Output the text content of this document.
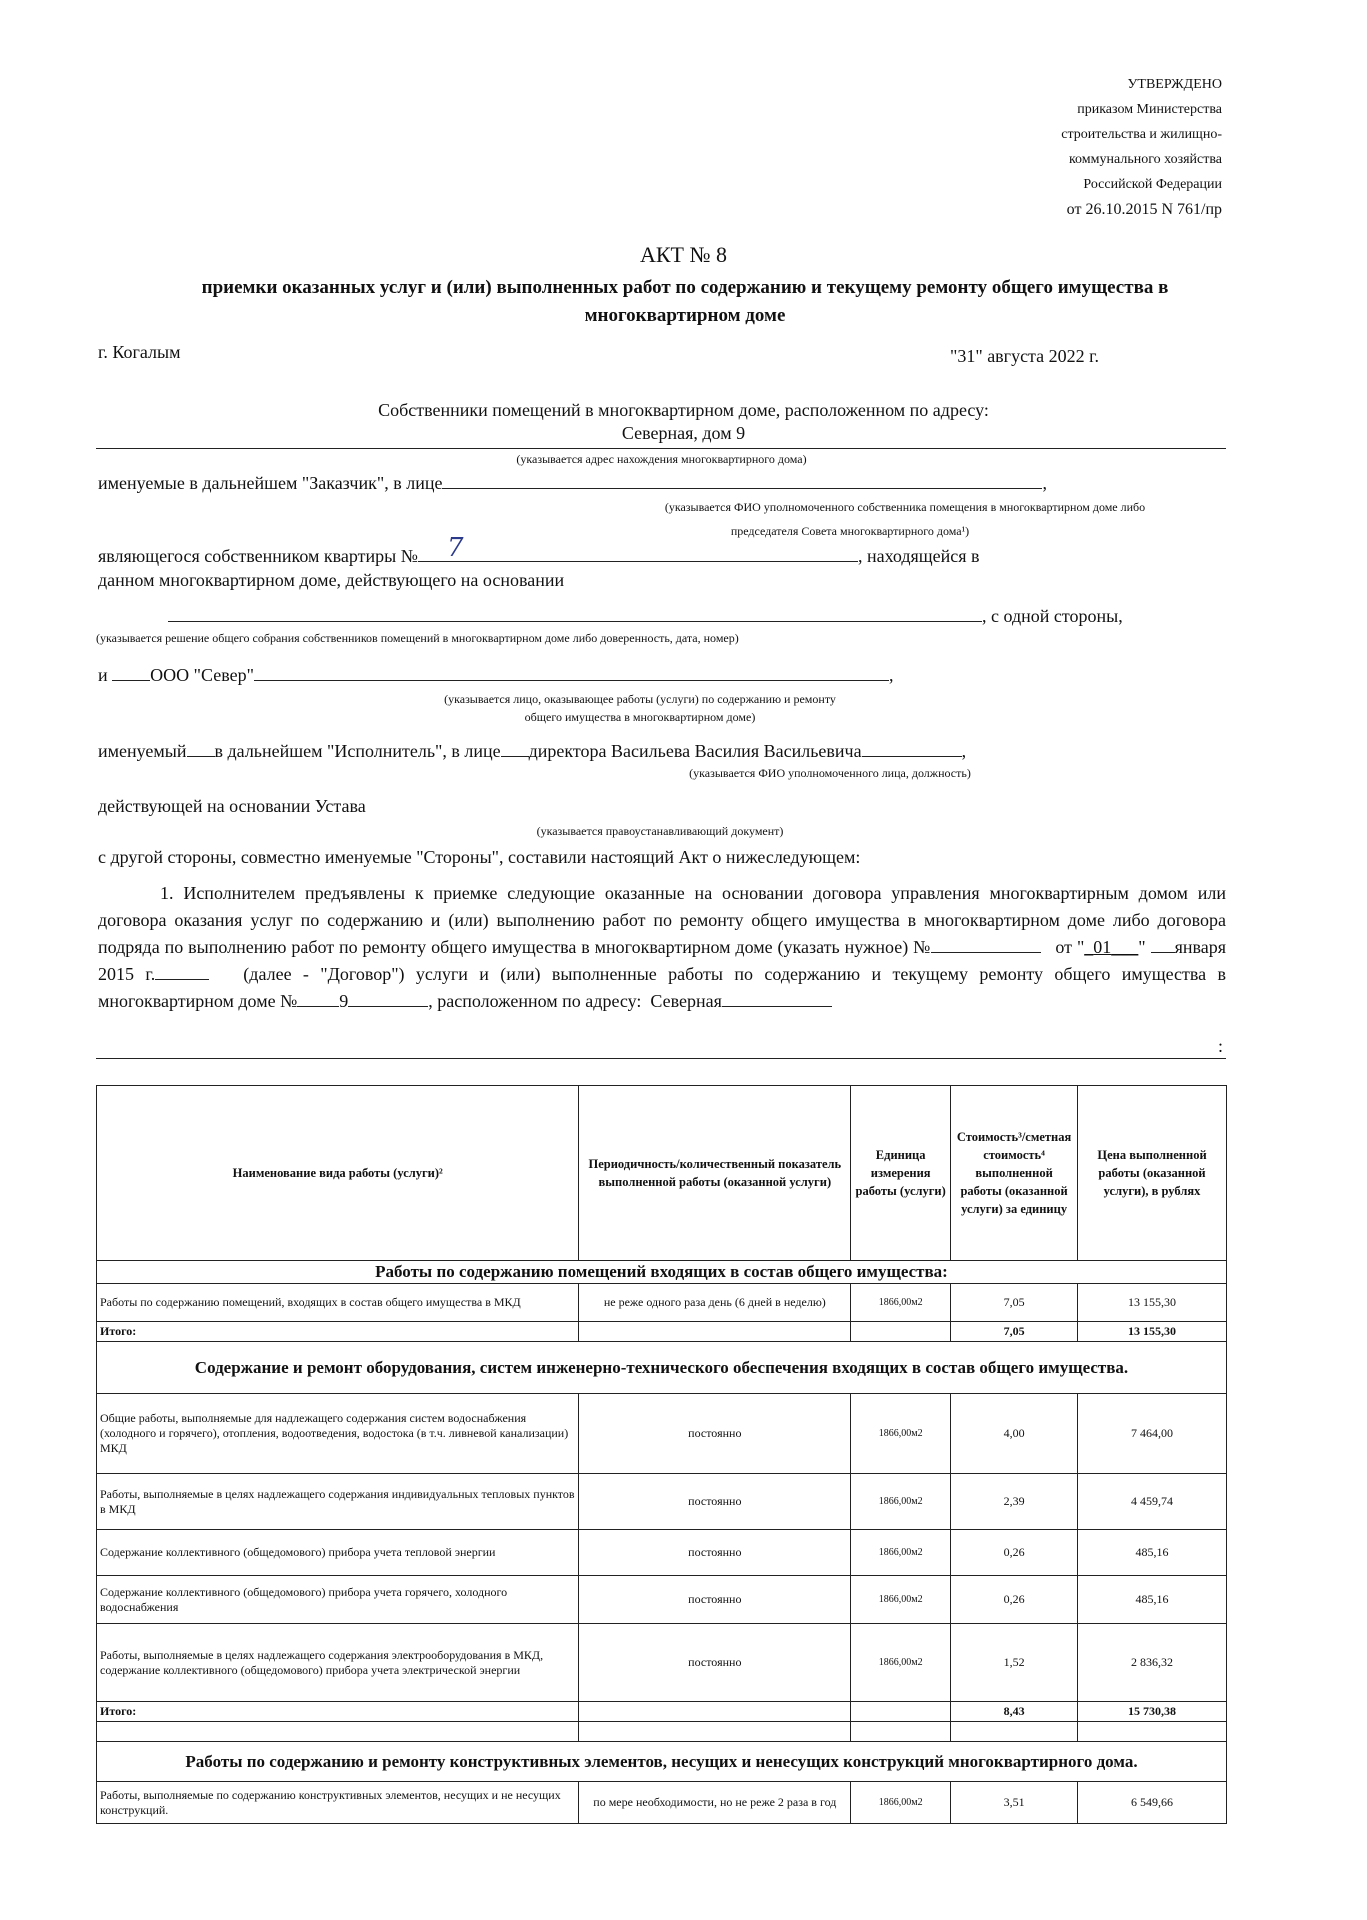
УТВЕРЖДЕНО
приказом Министерства
строительства и жилищно-
коммунального хозяйства
Российской Федерации
от 26.10.2015 N 761/пр
АКТ № 8
приемки оказанных услуг и (или) выполненных работ по содержанию и текущему ремонту общего имущества в многоквартирном доме
г. Когалым	"31" августа 2022 г.
Собственники помещений в многоквартирном доме, расположенном по адресу:
Северная, дом 9
(указывается адрес нахождения многоквартирного дома)
именуемые в дальнейшем "Заказчик", в лице	,
(указывается ФИО уполномоченного собственника помещения в многоквартирном доме либо
председателя Совета многоквартирного дома¹)
являющегося собственником квартиры №	, находящейся в
7
данном многоквартирном доме, действующего на основании
, с одной стороны,
(указывается решение общего собрания собственников помещений в многоквартирном доме либо доверенность, дата, номер)
и ООО "Север"	,
(указывается лицо, оказывающее работы (услуги) по содержанию и ремонту
общего имущества в многоквартирном доме)
именуемый в дальнейшем "Исполнитель", в лице директора Васильева Василия Васильевича	,
(указывается ФИО уполномоченного лица, должность)
действующей на основании Устава
(указывается правоустанавливающий документ)
с другой стороны, совместно именуемые "Стороны", составили настоящий Акт о нижеследующем:
1. Исполнителем предъявлены к приемке следующие оказанные на основании договора управления многоквартирным домом или договора оказания услуг по содержанию и (или) выполнению работ по ремонту общего имущества в многоквартирном доме либо договора подряда по выполнению работ по ремонту общего имущества в многоквартирном доме (указать нужное) №	от "_01___" января 2015 г.	(далее - "Договор") услуги и (или) выполненные работы по содержанию и текущему ремонту общего имущества в многоквартирном доме № 9	, расположенном по адресу: Северная
:
Наименование вида работы (услуги)²	Периодичность/количественный показатель выполненной работы (оказанной услуги)	Единица измерения работы (услуги)	Стоимость³/сметная стоимость⁴ выполненной работы (оказанной услуги) за единицу	Цена выполненной работы (оказанной услуги), в рублях
Работы по содержанию помещений входящих в состав общего имущества:				
Работы по содержанию помещений, входящих в состав общего имущества в МКД	не реже одного раза день (6 дней в неделю)	1866,00м2	7,05	13 155,30
Итого:			7,05	13 155,30
Содержание и ремонт оборудования, систем инженерно-технического обеспечения входящих в состав общего имущества.				
Общие работы, выполняемые для надлежащего содержания систем водоснабжения (холодного и горячего), отопления, водоотведения, водостока (в т.ч. ливневой канализации) МКД	постоянно	1866,00м2	4,00	7 464,00
Работы, выполняемые в целях надлежащего содержания индивидуальных тепловых пунктов в МКД	постоянно	1866,00м2	2,39	4 459,74
Содержание коллективного (общедомового) прибора учета тепловой энергии	постоянно	1866,00м2	0,26	485,16
Содержание коллективного (общедомового) прибора учета горячего, холодного водоснабжения	постоянно	1866,00м2	0,26	485,16
Работы, выполняемые в целях надлежащего содержания электрооборудования в МКД, содержание коллективного (общедомового) прибора учета электрической энергии	постоянно	1866,00м2	1,52	2 836,32
Итого:			8,43	15 730,38

Работы по содержанию и ремонту конструктивных элементов, несущих и ненесущих конструкций многоквартирного дома.				
Работы, выполняемые по содержанию конструктивных элементов, несущих и не несущих конструкций.	по мере необходимости, но не реже 2 раза в год	1866,00м2	3,51	6 549,66
